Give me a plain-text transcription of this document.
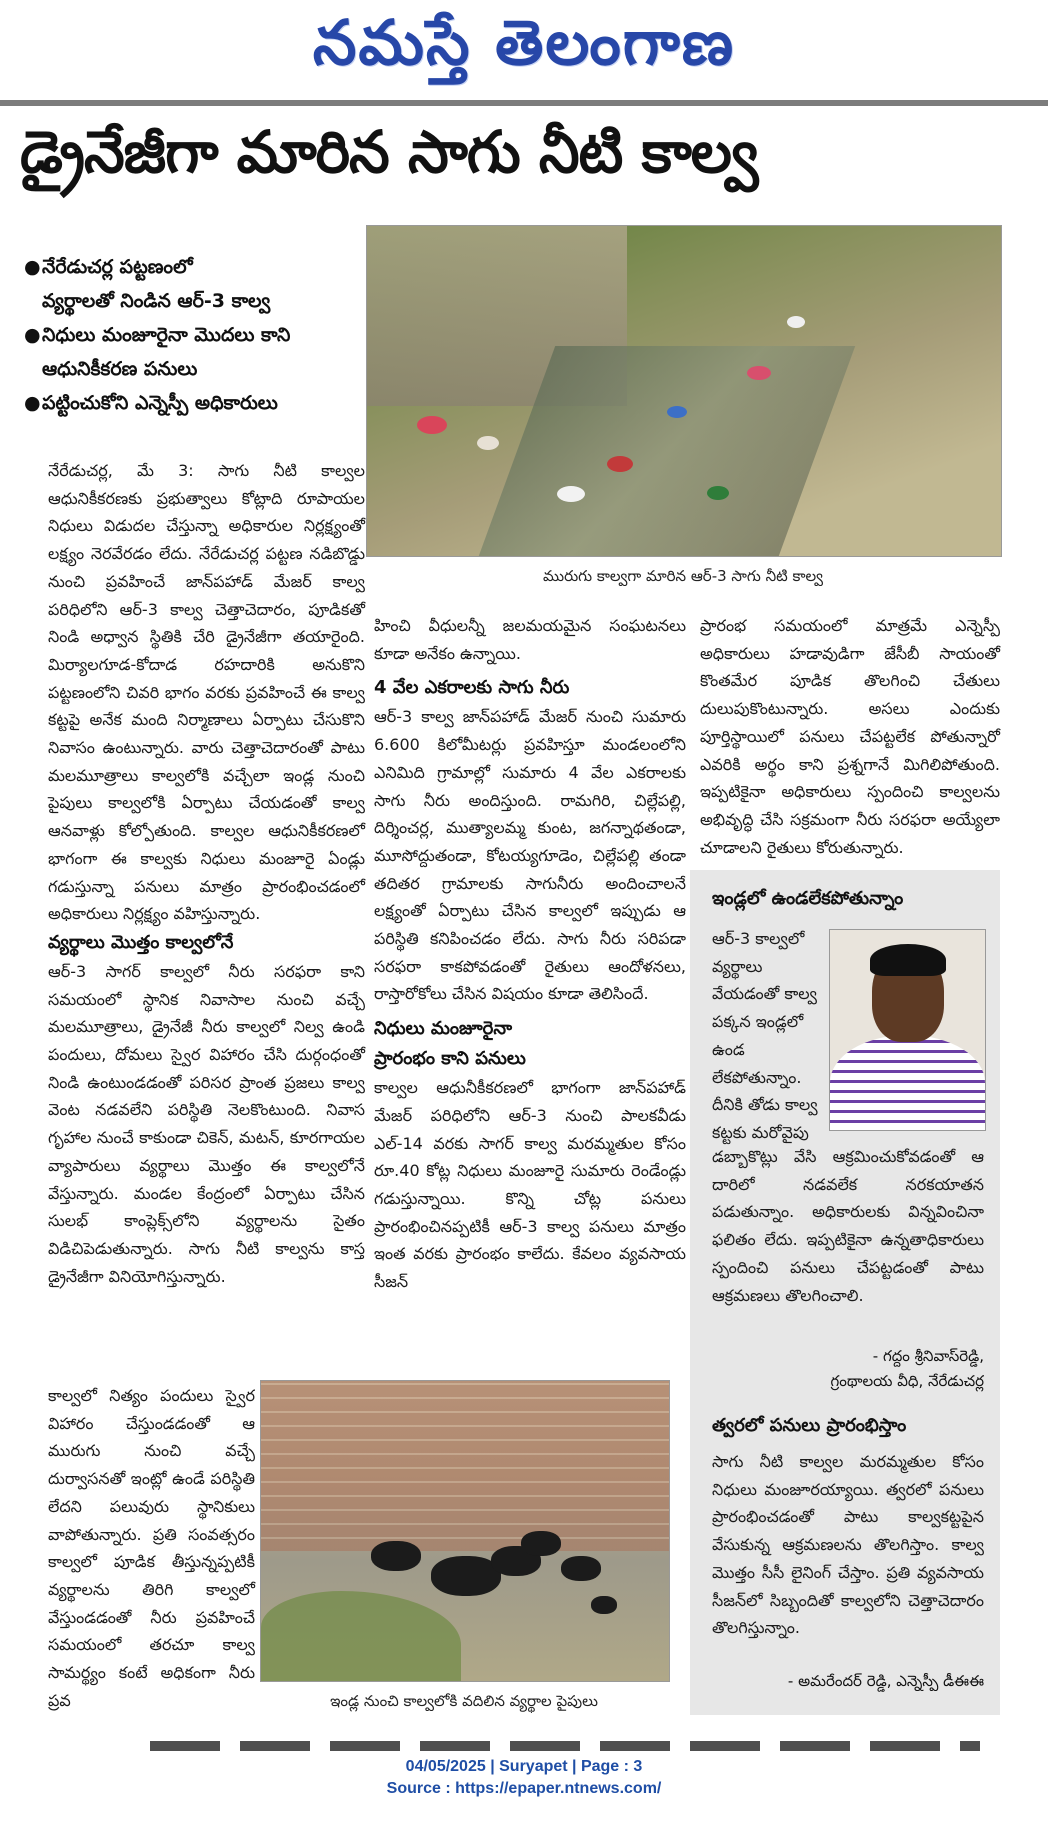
నమస్తే తెలంగాణ
డ్రైనేజీగా మారిన సాగు నీటి కాల్వ
●నేరేడుచర్ల పట్టణంలో
వ్యర్థాలతో నిండిన ఆర్-3 కాల్వ
●నిధులు మంజూరైనా మొదలు కాని
ఆధునికీకరణ పనులు
●పట్టించుకోని ఎన్నెస్పీ అధికారులు
మురుగు కాల్వగా మారిన ఆర్-3 సాగు నీటి కాల్వ
నేరేడుచర్ల, మే 3: సాగు నీటి కాల్వల ఆధునికీకరణకు ప్రభుత్వాలు కోట్లాది రూపాయల నిధులు విడుదల చేస్తున్నా అధికారుల నిర్లక్ష్యంతో లక్ష్యం నెరవేరడం లేదు. నేరేడుచర్ల పట్టణ నడిబొడ్డు నుంచి ప్రవహించే జాన్‌పహాడ్ మేజర్ కాల్వ పరిధిలోని ఆర్-3 కాల్వ చెత్తాచెదారం, పూడికతో నిండి అధ్వాన స్థితికి చేరి డ్రైనేజీగా తయారైంది. మిర్యాలగూడ-కోదాడ రహదారికి అనుకొని పట్టణంలోని చివరి భాగం వరకు ప్రవహించే ఈ కాల్వ కట్టపై అనేక మంది నిర్మాణాలు ఏర్పాటు చేసుకొని నివాసం ఉంటున్నారు. వారు చెత్తాచెదారంతో పాటు మలమూత్రాలు కాల్వలోకి వచ్చేలా ఇండ్ల నుంచి పైపులు కాల్వలోకి ఏర్పాటు చేయడంతో కాల్వ ఆనవాళ్లు కోల్పోతుంది. కాల్వల ఆధునికీకరణలో భాగంగా ఈ కాల్వకు నిధులు మంజూరై ఏండ్లు గడుస్తున్నా పనులు మాత్రం ప్రారంభించడంలో అధికారులు నిర్లక్ష్యం వహిస్తున్నారు.
వ్యర్థాలు మొత్తం కాల్వలోనే
ఆర్-3 సాగర్ కాల్వలో నీరు సరఫరా కాని సమయంలో స్థానిక నివాసాల నుంచి వచ్చే మలమూత్రాలు, డ్రైనేజీ నీరు కాల్వలో నిల్వ ఉండి పందులు, దోమలు స్వైర విహారం చేసి దుర్గంధంతో నిండి ఉంటుండడంతో పరిసర ప్రాంత ప్రజలు కాల్వ వెంట నడవలేని పరిస్థితి నెలకొంటుంది. నివాస గృహాల నుంచే కాకుండా చికెన్, మటన్, కూరగాయల వ్యాపారులు వ్యర్థాలు మొత్తం ఈ కాల్వలోనే వేస్తున్నారు. మండల కేంద్రంలో ఏర్పాటు చేసిన సులభ్ కాంప్లెక్స్‌లోని వ్యర్థాలను సైతం విడిచిపెడుతున్నారు. సాగు నీటి కాల్వను కాస్త డ్రైనేజీగా వినియోగిస్తున్నారు.
కాల్వలో నిత్యం పందులు స్వైర విహారం చేస్తుండడంతో ఆ మురుగు నుంచి వచ్చే దుర్వాసనతో ఇంట్లో ఉండే పరిస్థితి లేదని పలువురు స్థానికులు వాపోతున్నారు. ప్రతి సంవత్సరం కాల్వలో పూడిక తీస్తున్నప్పటికీ వ్యర్థాలను తిరిగి కాల్వలో వేస్తుండడంతో నీరు ప్రవహించే సమయంలో తరచూ కాల్వ సామర్థ్యం కంటే అధికంగా నీరు ప్రవ
హించి వీధులన్నీ జలమయమైన సంఘటనలు కూడా అనేకం ఉన్నాయి.
4 వేల ఎకరాలకు సాగు నీరు
ఆర్-3 కాల్వ జాన్‌పహాడ్ మేజర్ నుంచి సుమారు 6.600 కిలోమీటర్లు ప్రవహిస్తూ మండలంలోని ఎనిమిది గ్రామాల్లో సుమారు 4 వేల ఎకరాలకు సాగు నీరు అందిస్తుంది. రామగిరి, చిల్లేపల్లి, దిర్శించర్ల, ముత్యాలమ్మ కుంట, జగన్నాథతండా, మూసోద్దుతండా, కోటయ్యగూడెం, చిల్లేపల్లి తండా తదితర గ్రామాలకు సాగునీరు అందించాలనే లక్ష్యంతో ఏర్పాటు చేసిన కాల్వలో ఇప్పుడు ఆ పరిస్థితి కనిపించడం లేదు. సాగు నీరు సరిపడా సరఫరా కాకపోవడంతో రైతులు ఆందోళనలు, రాస్తారోకోలు చేసిన విషయం కూడా తెలిసిందే.
నిధులు మంజూరైనా
ప్రారంభం కాని పనులు
కాల్వల ఆధునీకీకరణలో భాగంగా జాన్‌పహాడ్ మేజర్ పరిధిలోని ఆర్-3 నుంచి పాలకవీడు ఎల్-14 వరకు సాగర్ కాల్వ మరమ్మతుల కోసం రూ.40 కోట్ల నిధులు మంజూరై సుమారు రెండేండ్లు గడుస్తున్నాయి. కొన్ని చోట్ల పనులు ప్రారంభించినప్పటికీ ఆర్-3 కాల్వ పనులు మాత్రం ఇంత వరకు ప్రారంభం కాలేదు. కేవలం వ్యవసాయ సీజన్
ప్రారంభ సమయంలో మాత్రమే ఎన్నెస్పీ అధికారులు హడావుడిగా జేసీబీ సాయంతో కొంతమేర పూడిక తొలగించి చేతులు దులుపుకొంటున్నారు. అసలు ఎందుకు పూర్తిస్థాయిలో పనులు చేపట్టలేక పోతున్నారో ఎవరికి అర్థం కాని ప్రశ్నగానే మిగిలిపోతుంది. ఇప్పటికైనా అధికారులు స్పందించి కాల్వలను అభివృద్ధి చేసి సక్రమంగా నీరు సరఫరా అయ్యేలా చూడాలని రైతులు కోరుతున్నారు.
ఇండ్లలో ఉండలేకపోతున్నాం
ఆర్-3 కాల్వలో వ్యర్థాలు వేయడంతో కాల్వ పక్కన ఇండ్లలో ఉండ లేకపోతున్నాం. దీనికి తోడు కాల్వ కట్టకు మరోవైపు
డబ్బాకొట్లు వేసి ఆక్రమించుకోవడంతో ఆ దారిలో నడవలేక నరకయాతన పడుతున్నాం. అధికారులకు విన్నవించినా ఫలితం లేదు. ఇప్పటికైనా ఉన్నతాధికారులు స్పందించి పనులు చేపట్టడంతో పాటు ఆక్రమణలు తొలగించాలి.
- గద్దం శ్రీనివాస్‌రెడ్డి,
గ్రంథాలయ వీధి, నేరేడుచర్ల
త్వరలో పనులు ప్రారంభిస్తాం
సాగు నీటి కాల్వల మరమ్మతుల కోసం నిధులు మంజూరయ్యాయి. త్వరలో పనులు ప్రారంభించడంతో పాటు కాల్వకట్టపైన వేసుకున్న ఆక్రమణలను తొలగిస్తాం. కాల్వ మొత్తం సీసీ లైనింగ్ చేస్తాం. ప్రతి వ్యవసాయ సీజన్‌లో సిబ్బందితో కాల్వలోని చెత్తాచెదారం తొలగిస్తున్నాం.
- అమరేందర్ రెడ్డి, ఎన్నెస్పీ డీఈఈ
ఇండ్ల నుంచి కాల్వలోకి వదిలిన వ్యర్థాల పైపులు
04/05/2025 | Suryapet | Page : 3
Source : https://epaper.ntnews.com/
